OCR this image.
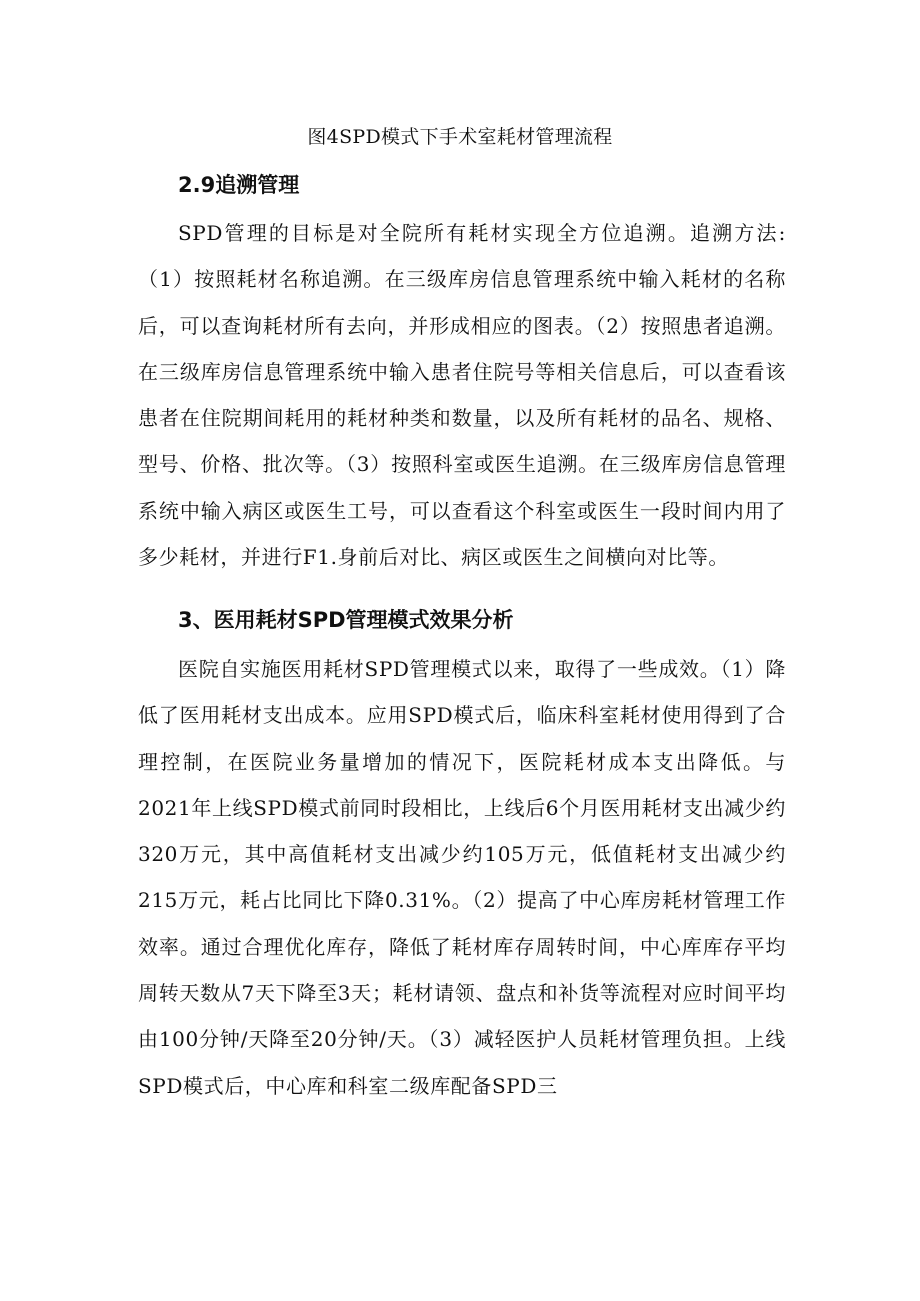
图4SPD模式下手术室耗材管理流程
2.9追溯管理
SPD管理的目标是对全院所有耗材实现全方位追溯。追溯方法:（1）按照耗材名称追溯。在三级库房信息管理系统中输入耗材的名称后，可以查询耗材所有去向，并形成相应的图表。（2）按照患者追溯。在三级库房信息管理系统中输入患者住院号等相关信息后，可以查看该患者在住院期间耗用的耗材种类和数量，以及所有耗材的品名、规格、型号、价格、批次等。（3）按照科室或医生追溯。在三级库房信息管理系统中输入病区或医生工号，可以查看这个科室或医生一段时间内用了多少耗材，并进行F1.身前后对比、病区或医生之间横向对比等。
3、医用耗材SPD管理模式效果分析
医院自实施医用耗材SPD管理模式以来，取得了一些成效。（1）降低了医用耗材支出成本。应用SPD模式后，临床科室耗材使用得到了合理控制，在医院业务量增加的情况下，医院耗材成本支出降低。与2021年上线SPD模式前同时段相比，上线后6个月医用耗材支出减少约320万元，其中高值耗材支出减少约105万元，低值耗材支出减少约215万元，耗占比同比下降0.31%。（2）提高了中心库房耗材管理工作效率。通过合理优化库存，降低了耗材库存周转时间，中心库库存平均周转天数从7天下降至3天；耗材请领、盘点和补货等流程对应时间平均由100分钟/天降至20分钟/天。（3）减轻医护人员耗材管理负担。上线SPD模式后，中心库和科室二级库配备SPD三
